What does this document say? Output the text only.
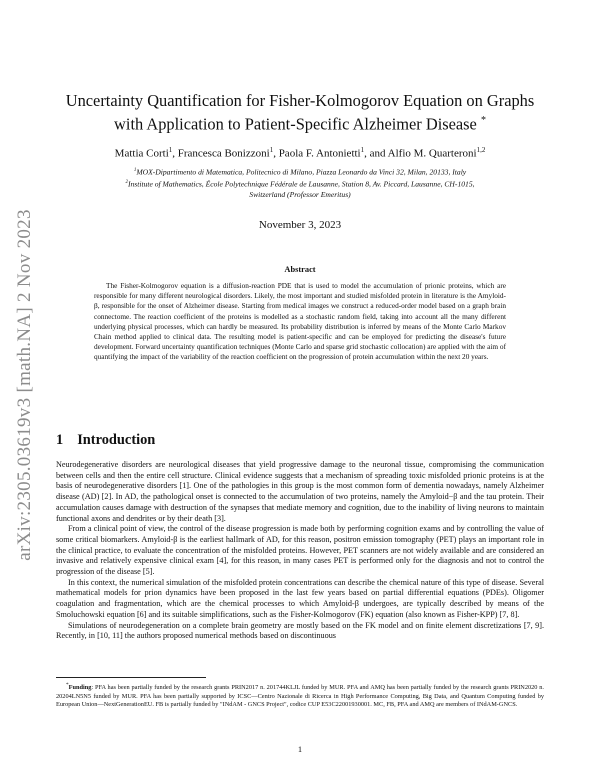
arXiv:2305.03619v3 [math.NA] 2 Nov 2023
Uncertainty Quantification for Fisher-Kolmogorov Equation on Graphs
with Application to Patient-Specific Alzheimer Disease *
Mattia Corti$^1$, Francesca Bonizzoni$^1$, Paola F. Antonietti$^1$, and Alfio M. Quarteroni$^{1,2}$
$^1$MOX-Dipartimento di Matematica, Politecnico di Milano, Piazza Leonardo da Vinci 32, Milan, 20133, Italy
$^2$Institute of Mathematics, École Polytechnique Fédérale de Lausanne, Station 8, Av. Piccard, Lausanne, CH-1015,
Switzerland (Professor Emeritus)
November 3, 2023
Abstract

The Fisher-Kolmogorov equation is a diffusion-reaction PDE that is used to model the accumulation of prionic proteins, which are responsible for many different neurological disorders. Likely, the most important and studied misfolded protein in literature is the Amyloid-β, responsible for the onset of Alzheimer disease. Starting from medical images we construct a reduced-order model based on a graph brain connectome. The reaction coefficient of the proteins is modelled as a stochastic random field, taking into account all the many different underlying physical processes, which can hardly be measured. Its probability distribution is inferred by means of the Monte Carlo Markov Chain method applied to clinical data. The resulting model is patient-specific and can be employed for predicting the disease's future development. Forward uncertainty quantification techniques (Monte Carlo and sparse grid stochastic collocation) are applied with the aim of quantifying the impact of the variability of the reaction coefficient on the progression of protein accumulation within the next 20 years.

1 Introduction

Neurodegenerative disorders are neurological diseases that yield progressive damage to the neuronal tissue, compromising the communication between cells and then the entire cell structure. Clinical evidence suggests that a mechanism of spreading toxic misfolded prionic proteins is at the basis of neurodegenerative disorders [1]. One of the pathologies in this group is the most common form of dementia nowadays, namely Alzheimer disease (AD) [2]. In AD, the pathological onset is connected to the accumulation of two proteins, namely the Amyloid−β and the tau protein. Their accumulation causes damage with destruction of the synapses that mediate memory and cognition, due to the inability of living neurons to maintain functional axons and dendrites or by their death [3].

From a clinical point of view, the control of the disease progression is made both by performing cognition exams and by controlling the value of some critical biomarkers. Amyloid-β is the earliest hallmark of AD, for this reason, positron emission tomography (PET) plays an important role in the clinical practice, to evaluate the concentration of the misfolded proteins. However, PET scanners are not widely available and are considered an invasive and relatively expensive clinical exam [4], for this reason, in many cases PET is performed only for the diagnosis and not to control the progression of the disease [5].

In this context, the numerical simulation of the misfolded protein concentrations can describe the chemical nature of this type of disease. Several mathematical models for prion dynamics have been proposed in the last few years based on partial differential equations (PDEs). Oligomer coagulation and fragmentation, which are the chemical processes to which Amyloid-β undergoes, are typically described by means of the Smoluchowski equation [6] and its suitable simplifications, such as the Fisher-Kolmogorov (FK) equation (also known as Fisher-KPP) [7, 8].

Simulations of neurodegeneration on a complete brain geometry are mostly based on the FK model and on finite element discretizations [7, 9]. Recently, in [10, 11] the authors proposed numerical methods based on discontinuous

*Funding: PFA has been partially funded by the research grants PRIN2017 n. 201744KLJL funded by MUR. PFA and AMQ has been partially funded by the research grants PRIN2020 n. 20204LN5N5 funded by MUR. PFA has been partially supported by ICSC—Centro Nazionale di Ricerca in High Performance Computing, Big Data, and Quantum Computing funded by European Union—NextGenerationEU. FB is partially funded by "INdAM - GNCS Project", codice CUP E53C22001930001. MC, FB, PFA and AMQ are members of INdAM-GNCS.

1
